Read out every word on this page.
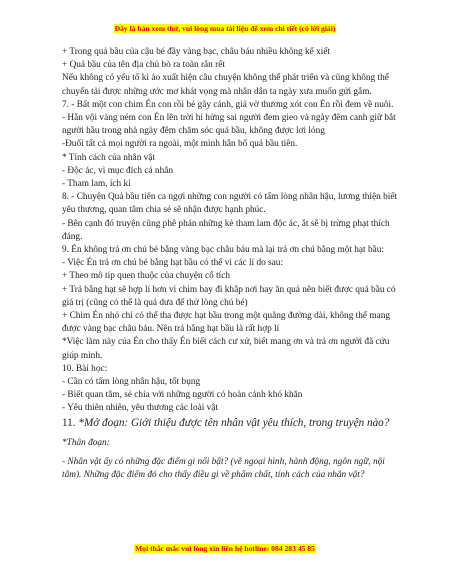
Đây là bản xem thử, vui lòng mua tài liệu để xem chi tiết (có lời giải)

+ Trong quả bầu của cậu bé đầy vàng bạc, châu báu nhiều không kể xiết

+ Quả bầu của tên địa chủ bò ra toàn rắn rết

Nếu không có yếu tố kì ảo xuất hiện câu chuyện không thể phát triển và cũng không thể chuyển tải được những ước mơ khát vọng mà nhân dân ta ngày xưa muốn gửi gắm.

7. - Bất một con chim Én con rồi bẻ gãy cánh, giả vờ thương xót con Én rồi đem về nuôi.

- Hằn vội vàng ném con Én lên trời hí hửng sai người đem gieo và ngày đêm canh giữ bắt người hầu trong nhà ngày đêm chăm sóc quả bầu, không được lơi lỏng

-Đuổi tất cả mọi người ra ngoài, một mình hắn bổ quả bầu tiên.

* Tính cách của nhân vật

- Độc ác, vì mục đích cá nhân

- Tham lam, ích kỉ

8. - Chuyện Quả bầu tiên ca ngợi những con người có tấm lòng nhân hậu, lương thiện biết yêu thương, quan tâm chia sẻ sẽ nhận được hạnh phúc.

- Bên cạnh đó truyện cũng phê phán những kẻ tham lam độc ác, ắt sẽ bị trừng phạt thích đáng.

9. Én không trả ơn chú bé bằng vàng bạc châu báu mà lại trả ơn chú bằng một hạt bầu:

- Việc Én trả ơn chú bé bằng hạt bầu có thể vì các lí do sau:

+ Theo mô típ quen thuộc của chuyện cổ tích

+ Trả bằng hạt sẽ hợp lí hơn vì chim bay đi khắp nơi hay ăn quả nên biết được quả bầu có giá trị (cũng có thể là quả dưa để thử lòng chú bé)

+ Chim Én nhỏ chỉ có thể tha được hạt bầu trong một quãng đường dài, không thể mang được vàng bạc châu báu. Nên trả bằng hạt bầu là rất hợp lí

*Việc làm này của Én cho thấy Én biết cách cư xử, biết mang ơn và trả ơn người đã cứu giúp mình.

10. Bài học:

- Cần có tấm lòng nhân hậu, tốt bụng

- Biết quan tâm, sẻ chia với những người có hoàn cảnh khó khăn

- Yêu thiên nhiên, yêu thương các loài vật

11. *Mở đoạn: Giới thiệu được tên nhân vật yêu thích, trong truyện nào?

*Thân đoạn:

- Nhân vật ấy có những đặc điểm gì nổi bật? (vẽ ngoại hình, hành động, ngôn ngữ, nội tâm). Những đặc điểm đó cho thấy điều gì về phẩm chất, tính cách của nhân vật?

Mọi thắc mắc vui lòng xin liên hệ hotline: 084 283 45 85
